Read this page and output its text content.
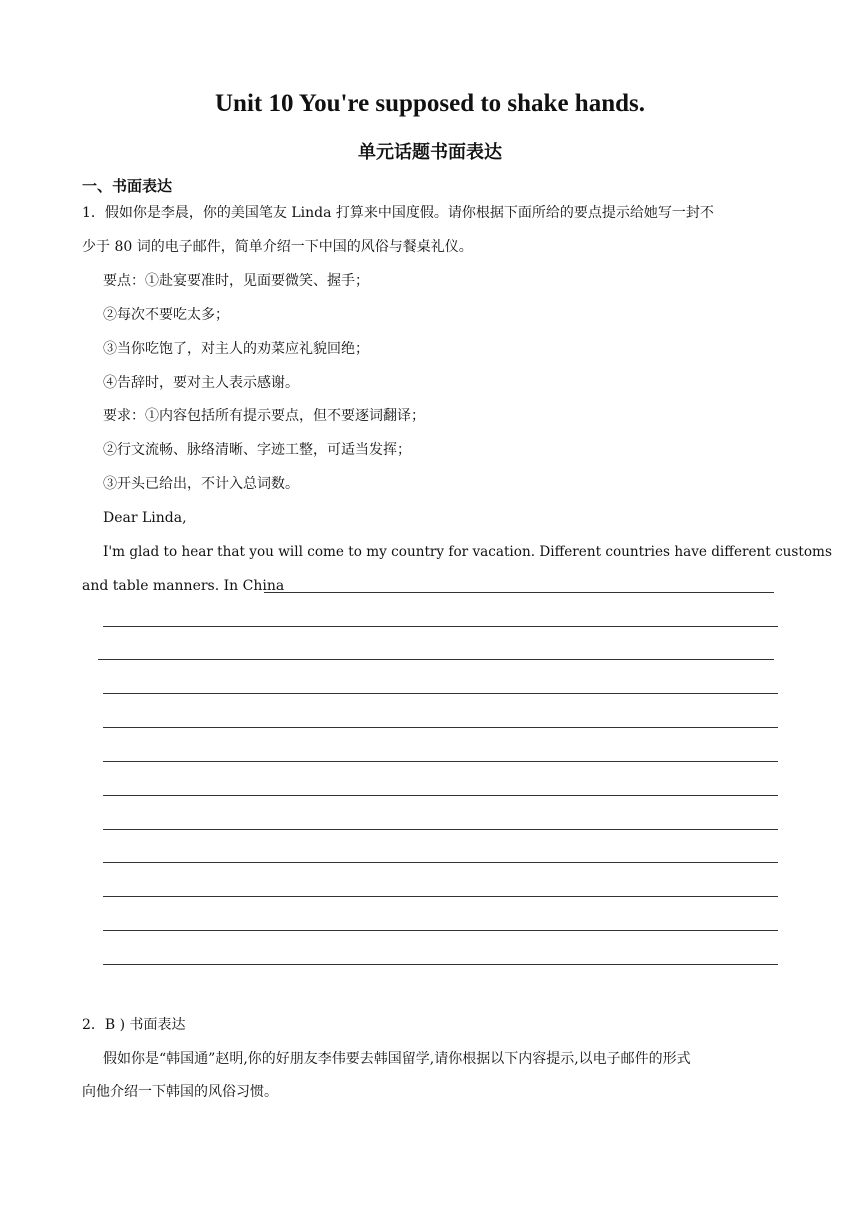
Unit 10 You're supposed to shake hands.
单元话题书面表达
一、书面表达
1．假如你是李晨，你的美国笔友 Linda 打算来中国度假。请你根据下面所给的要点提示给她写一封不
少于 80 词的电子邮件，简单介绍一下中国的风俗与餐桌礼仪。
要点：①赴宴要准时，见面要微笑、握手；
②每次不要吃太多；
③当你吃饱了，对主人的劝菜应礼貌回绝；
④告辞时，要对主人表示感谢。
要求：①内容包括所有提示要点，但不要逐词翻译；
②行文流畅、脉络清晰、字迹工整，可适当发挥；
③开头已给出，不计入总词数。
Dear Linda,
I'm glad to hear that you will come to my country for vacation. Different countries have different customs
and table manners. In China
2．B ) 书面表达
假如你是“韩国通”赵明,你的好朋友李伟要去韩国留学,请你根据以下内容提示,以电子邮件的形式
向他介绍一下韩国的风俗习惯。
